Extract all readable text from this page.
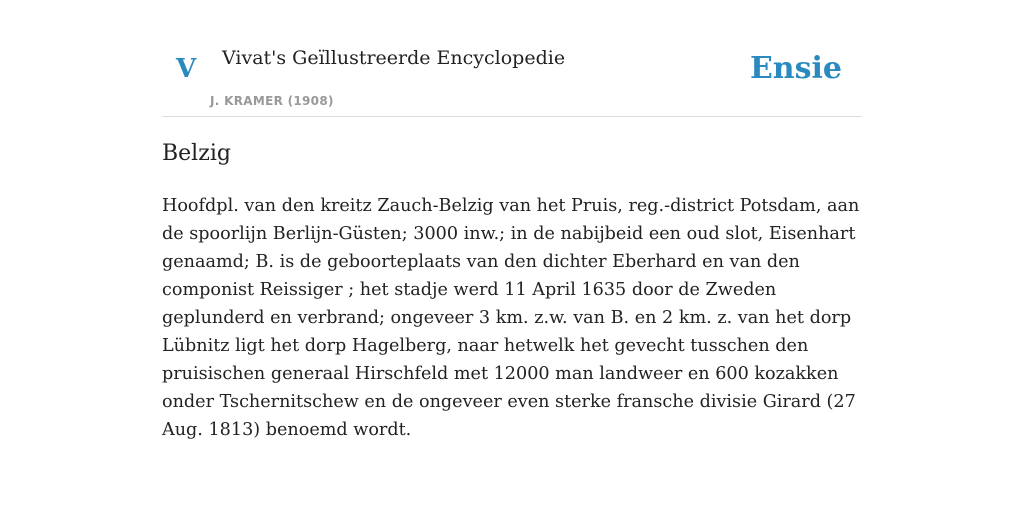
V Vivat's Geïllustreerde Encyclopedie
J. KRAMER (1908)
Ensie
Belzig

Hoofdpl. van den kreitz Zauch-Belzig van het Pruis, reg.-district Potsdam, aan de spoorlijn Berlijn-Güsten; 3000 inw.; in de nabijbeid een oud slot, Eisenhart genaamd; B. is de geboorteplaats van den dichter Eberhard en van den componist Reissiger ; het stadje werd 11 April 1635 door de Zweden geplunderd en verbrand; ongeveer 3 km. z.w. van B. en 2 km. z. van het dorp Lübnitz ligt het dorp Hagelberg, naar hetwelk het gevecht tusschen den pruisischen generaal Hirschfeld met 12000 man landweer en 600 kozakken onder Tschernitschew en de ongeveer even sterke fransche divisie Girard (27 Aug. 1813) benoemd wordt.
